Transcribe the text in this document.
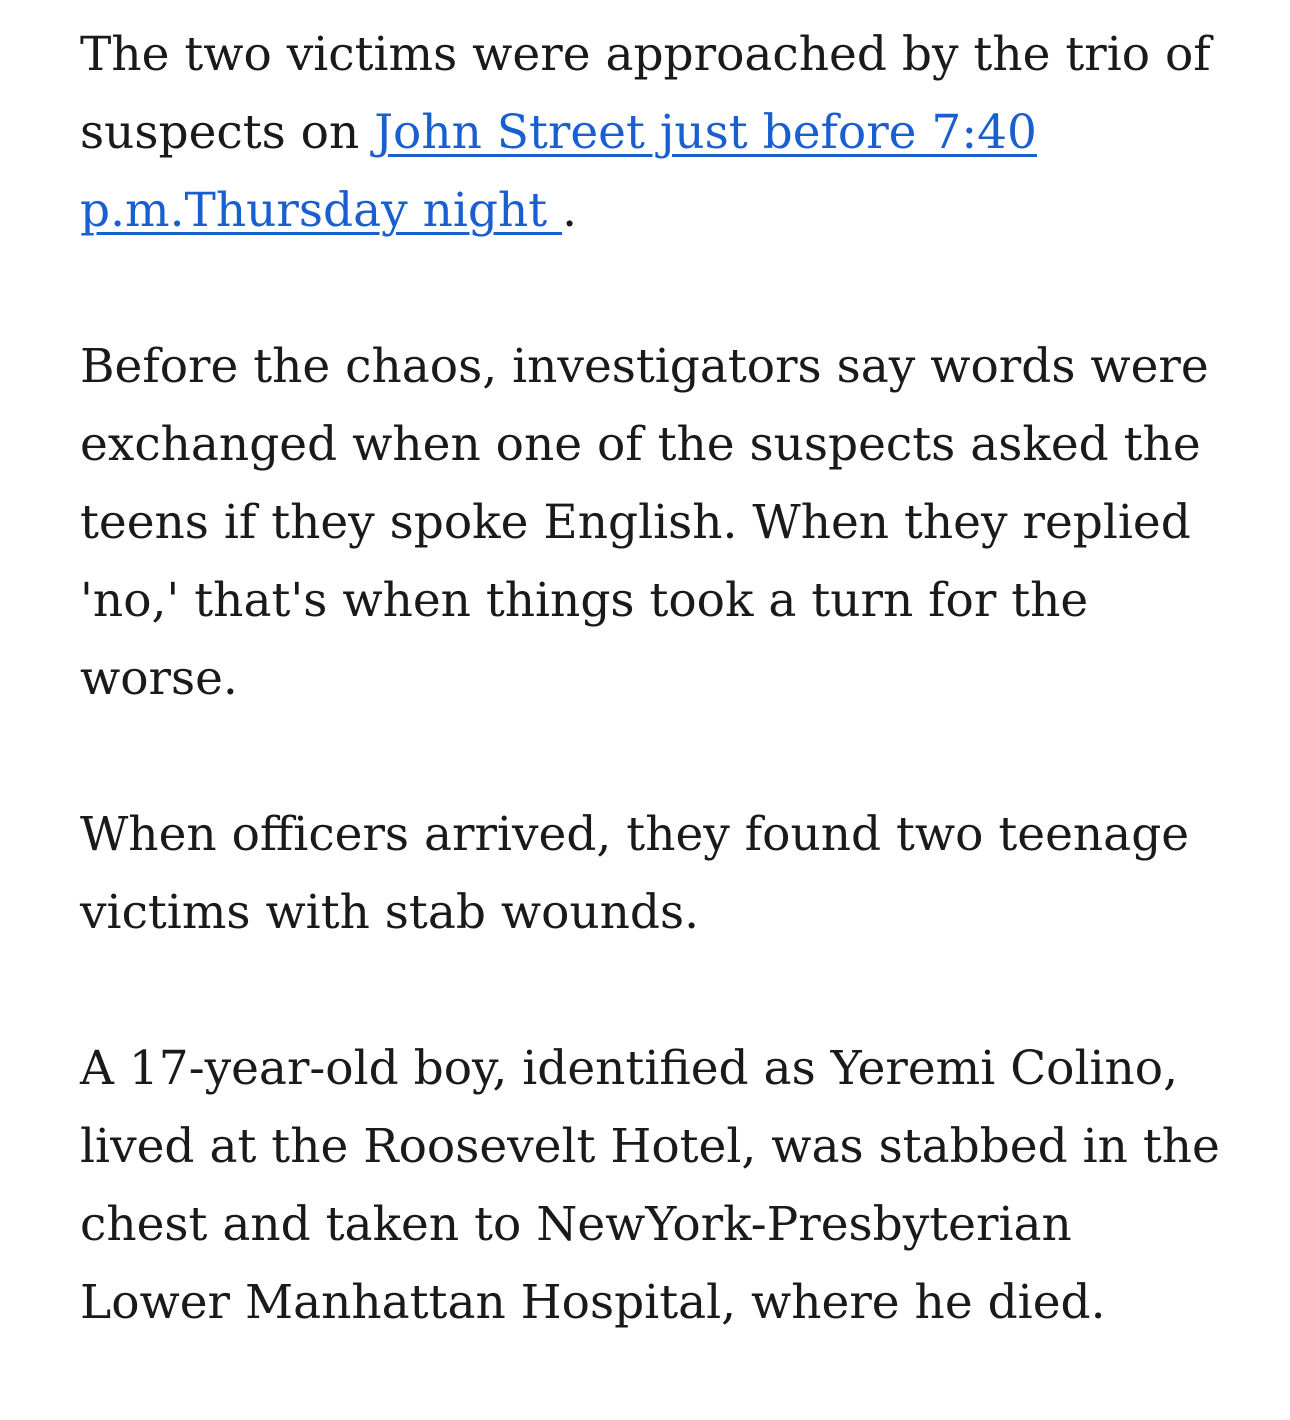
The two victims were approached by the trio of suspects on John Street just before 7:40 p.m.Thursday night .

Before the chaos, investigators say words were exchanged when one of the suspects asked the teens if they spoke English. When they replied 'no,' that's when things took a turn for the worse.

When officers arrived, they found two teenage victims with stab wounds.

A 17-year-old boy, identified as Yeremi Colino, lived at the Roosevelt Hotel, was stabbed in the chest and taken to NewYork-Presbyterian Lower Manhattan Hospital, where he died.
